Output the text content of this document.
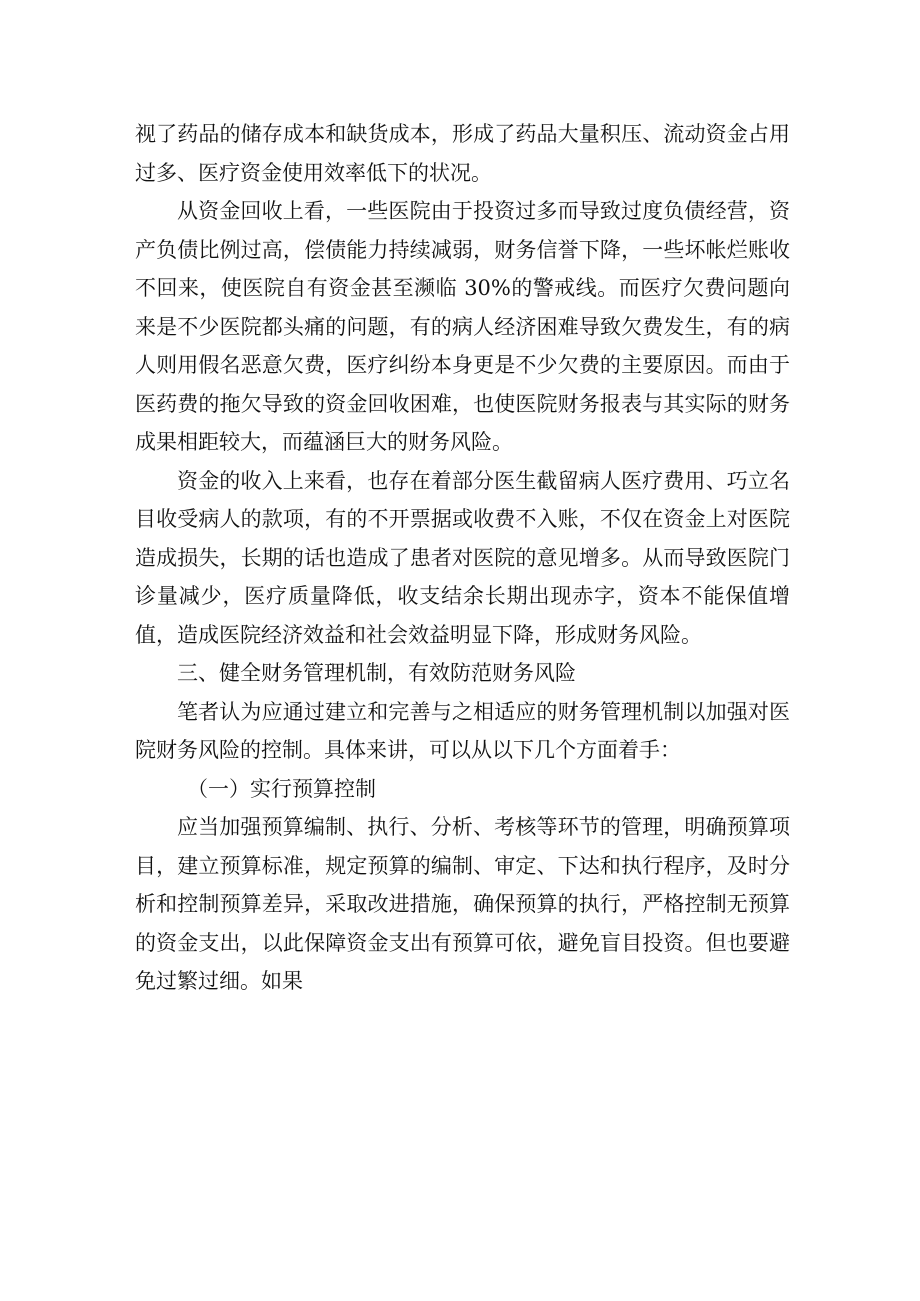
视了药品的储存成本和缺货成本，形成了药品大量积压、流动资金占用过多、医疗资金使用效率低下的状况。

从资金回收上看，一些医院由于投资过多而导致过度负债经营，资产负债比例过高，偿债能力持续减弱，财务信誉下降，一些坏帐烂账收不回来，使医院自有资金甚至濒临 30%的警戒线。而医疗欠费问题向来是不少医院都头痛的问题，有的病人经济困难导致欠费发生，有的病人则用假名恶意欠费，医疗纠纷本身更是不少欠费的主要原因。而由于医药费的拖欠导致的资金回收困难，也使医院财务报表与其实际的财务成果相距较大，而蕴涵巨大的财务风险。

资金的收入上来看，也存在着部分医生截留病人医疗费用、巧立名目收受病人的款项，有的不开票据或收费不入账，不仅在资金上对医院造成损失，长期的话也造成了患者对医院的意见增多。从而导致医院门诊量减少，医疗质量降低，收支结余长期出现赤字，资本不能保值增值，造成医院经济效益和社会效益明显下降，形成财务风险。

三、健全财务管理机制，有效防范财务风险

笔者认为应通过建立和完善与之相适应的财务管理机制以加强对医院财务风险的控制。具体来讲，可以从以下几个方面着手：

（一）实行预算控制

应当加强预算编制、执行、分析、考核等环节的管理，明确预算项目，建立预算标准，规定预算的编制、审定、下达和执行程序，及时分析和控制预算差异，采取改进措施，确保预算的执行，严格控制无预算的资金支出，以此保障资金支出有预算可依，避免盲目投资。但也要避免过繁过细。如果
